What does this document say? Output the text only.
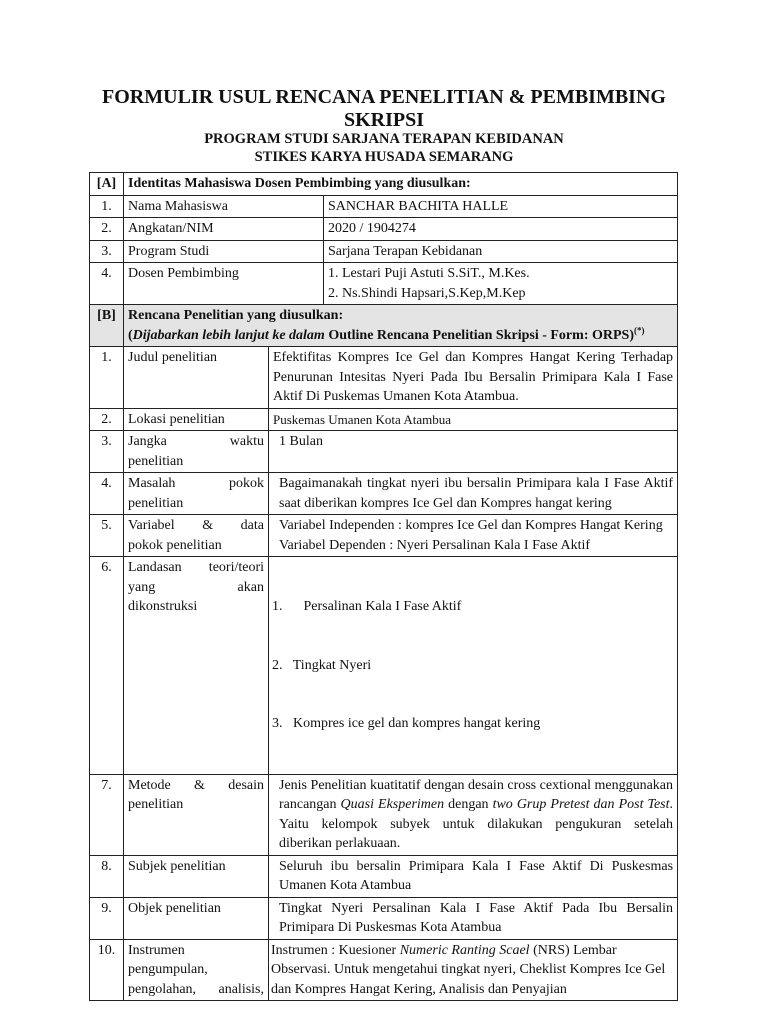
FORMULIR USUL RENCANA PENELITIAN & PEMBIMBING SKRIPSI
PROGRAM STUDI SARJANA TERAPAN KEBIDANAN
STIKES KARYA HUSADA SEMARANG
[A]	Identitas Mahasiswa Dosen Pembimbing yang diusulkan:		
1.	Nama Mahasiswa		SANCHAR BACHITA HALLE
2.	Angkatan/NIM		2020 / 1904274
3.	Program Studi		Sarjana Terapan Kebidanan
4.	Dosen Pembimbing		1. Lestari Puji Astuti S.SiT., M.Kes.
2. Ns.Shindi Hapsari,S.Kep,M.Kep

[B]	Rencana Penelitian yang diusulkan:
(Dijabarkan lebih lanjut ke dalam Outline Rencana Penelitian Skripsi - Form: ORPS)(*)
1.	Judul penelitian	Efektifitas Kompres Ice Gel dan Kompres Hangat Kering Terhadap Penurunan Intesitas Nyeri Pada Ibu Bersalin Primipara Kala I Fase Aktif Di Puskemas Umanen Kota Atambua.	
2.	Lokasi penelitian	Puskemas Umanen Kota Atambua	
3.	Jangka waktu
penelitian	1 Bulan	
4.	Masalah pokok
penelitian	Bagaimanakah tingkat nyeri ibu bersalin Primipara kala I Fase Aktif saat diberikan kompres Ice Gel dan Kompres hangat kering	
5.	Variabel & data
pokok penelitian	Variabel Independen : kompres Ice Gel dan Kompres Hangat Kering
Variabel Dependen : Nyeri Persalinan Kala I Fase Aktif	

6.	Landasan teori/teori
yang akan
dikonstruksi	1.      Persalinan Kala I Fase Aktif

2.   Tingkat Nyeri

3.   Kompres ice gel dan kompres hangat kering	

7.	Metode & desain
penelitian	Jenis Penelitian kuatitatif dengan desain cross cextional menggunakan rancangan Quasi Eksperimen dengan two Grup Pretest dan Post Test. Yaitu kelompok subyek untuk dilakukan pengukuran setelah diberikan perlakuaan.	
8.	Subjek penelitian	Seluruh ibu bersalin Primipara Kala I Fase Aktif Di Puskesmas Umanen Kota Atambua	
9.	Objek penelitian	Tingkat Nyeri Persalinan Kala I Fase Aktif Pada Ibu Bersalin Primipara Di Puskesmas Kota Atambua	
10.	Instrumen
pengumpulan,
pengolahan, analisis,	Instrumen : Kuesioner Numeric Ranting Scael (NRS) Lembar Observasi. Untuk mengetahui tingkat nyeri, Cheklist Kompres Ice Gel dan Kompres Hangat Kering, Analisis dan Penyajian	
